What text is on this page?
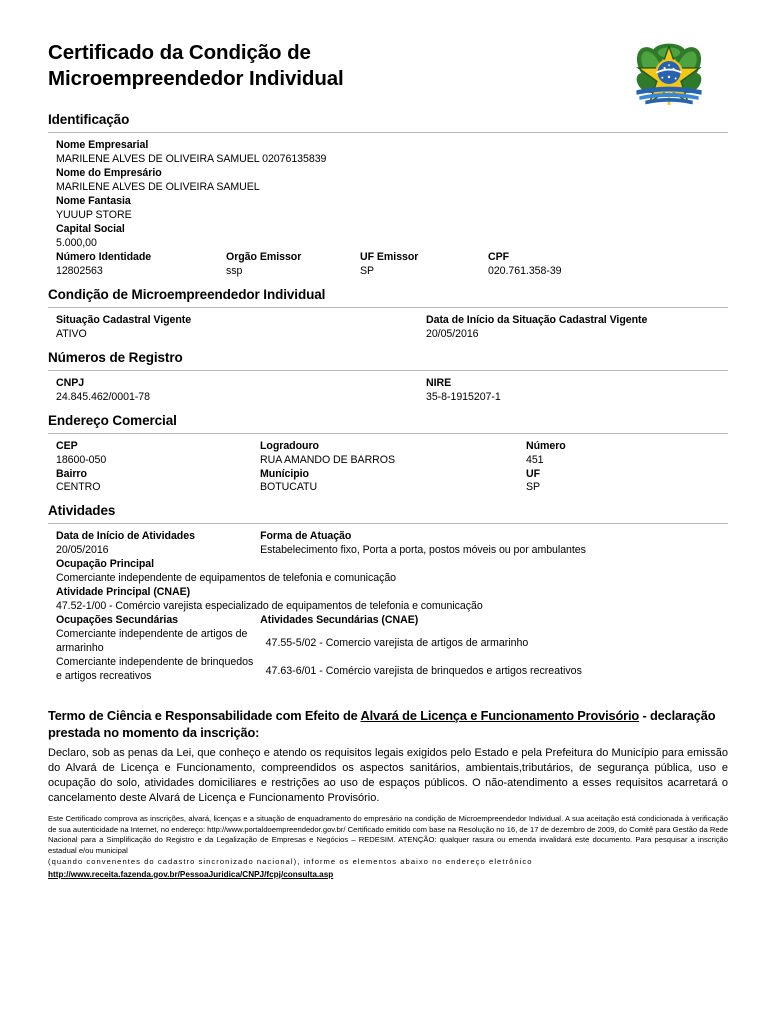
Certificado da Condição de
Microempreendedor Individual
Identificação
Nome Empresarial
MARILENE ALVES DE OLIVEIRA SAMUEL 02076135839
Nome do Empresário
MARILENE ALVES DE OLIVEIRA SAMUEL
Nome Fantasia
YUUUP STORE
Capital Social
5.000,00
Número Identidade	Orgão Emissor	UF Emissor	CPF
12802563	ssp	SP	020.761.358-39
Condição de Microempreendedor Individual
Situação Cadastral Vigente	Data de Início da Situação Cadastral Vigente
ATIVO	20/05/2016
Números de Registro
CNPJ	NIRE
24.845.462/0001-78	35-8-1915207-1
Endereço Comercial
CEP	Logradouro	Número
18600-050	RUA AMANDO DE BARROS	451
Bairro	Munícipio	UF
CENTRO	BOTUCATU	SP
Atividades
Data de Início de Atividades	Forma de Atuação
20/05/2016	Estabelecimento fixo, Porta a porta, postos móveis ou por ambulantes
Ocupação Principal
Comerciante independente de equipamentos de telefonia e comunicação
Atividade Principal (CNAE)
47.52-1/00 - Comércio varejista especializado de equipamentos de telefonia e comunicação
Ocupações Secundárias	Atividades Secundárias (CNAE)
Comerciante independente de artigos de armarinho	47.55-5/02 - Comercio varejista de artigos de armarinho
Comerciante independente de brinquedos e artigos recreativos	47.63-6/01 - Comércio varejista de brinquedos e artigos recreativos
Termo de Ciência e Responsabilidade com Efeito de Alvará de Licença e Funcionamento Provisório - declaração prestada no momento da inscrição:

Declaro, sob as penas da Lei, que conheço e atendo os requisitos legais exigidos pelo Estado e pela Prefeitura do Município para emissão do Alvará de Licença e Funcionamento, compreendidos os aspectos sanitários, ambientais,tributários, de segurança pública, uso e ocupação do solo, atividades domiciliares e restrições ao uso de espaços públicos. O não-atendimento a esses requisitos acarretará o cancelamento deste Alvará de Licença e Funcionamento Provisório.

Este Certificado comprova as inscrições, alvará, licenças e a situação de enquadramento do empresário na condição de Microempreendedor Individual. A sua aceitação está condicionada à verificação de sua autenticidade na Internet, no endereço: http://www.portaldoempreendedor.gov.br/ Certificado emitido com base na Resolução no 16, de 17 de dezembro de 2009, do Comitê para Gestão da Rede Nacional para a Simplificação do Registro e da Legalização de Empresas e Negócios – REDESIM. ATENÇÃO: qualquer rasura ou emenda invalidará este documento. Para pesquisar a inscrição estadual e/ou municipal
(quando convenentes do cadastro sincronizado nacional), informe os elementos abaixo no endereço eletrônico
http://www.receita.fazenda.gov.br/PessoaJuridica/CNPJ/fcpj/consulta.asp
